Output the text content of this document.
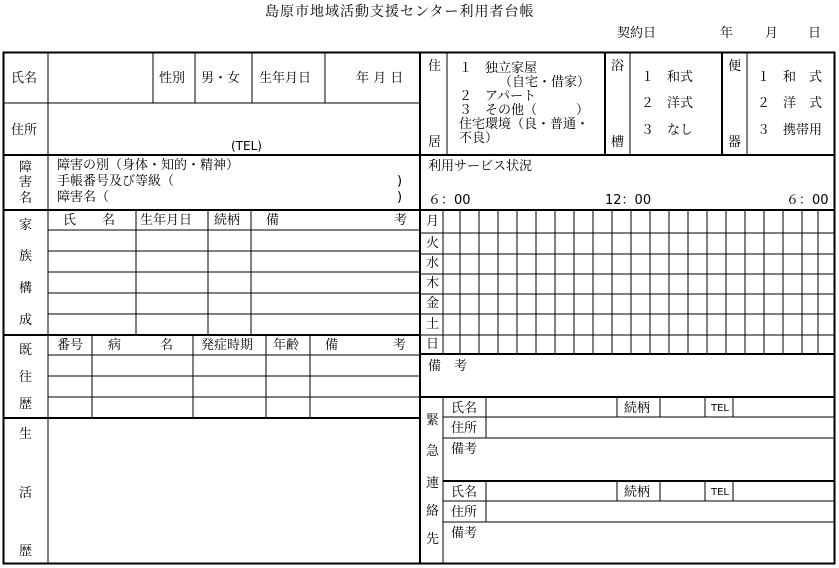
島原市地域活動支援センター利用者台帳
契約日	年 月 日
氏名	性別 男・女 生年月日	年 月 日
住所
(TEL)
住
居
１　独立家屋
（自宅・借家）
２　アパート
３　その他（　　　）
住宅環境（良・普通・
不良）
浴
槽
１　和式
２　洋式
３　なし
便
器
１　和　式
２　洋　式
３　携帯用
障
害
名
障害の別（身体・知的・精神）
手帳番号及び等級（	)
障害名（	)
利用サービス状況
６：00	12：00	６：00
月
火
水
木
金
土
日
家
族
構
成
氏　　名 生年月日 続柄 備	考
既
往
歴
番号 病　　　名 発症時期 年齢 備	考
備　考
生
活
歴
緊
急
連
絡
先
氏名	続柄	TEL
住所
備考
氏名	続柄	TEL
住所
備考
